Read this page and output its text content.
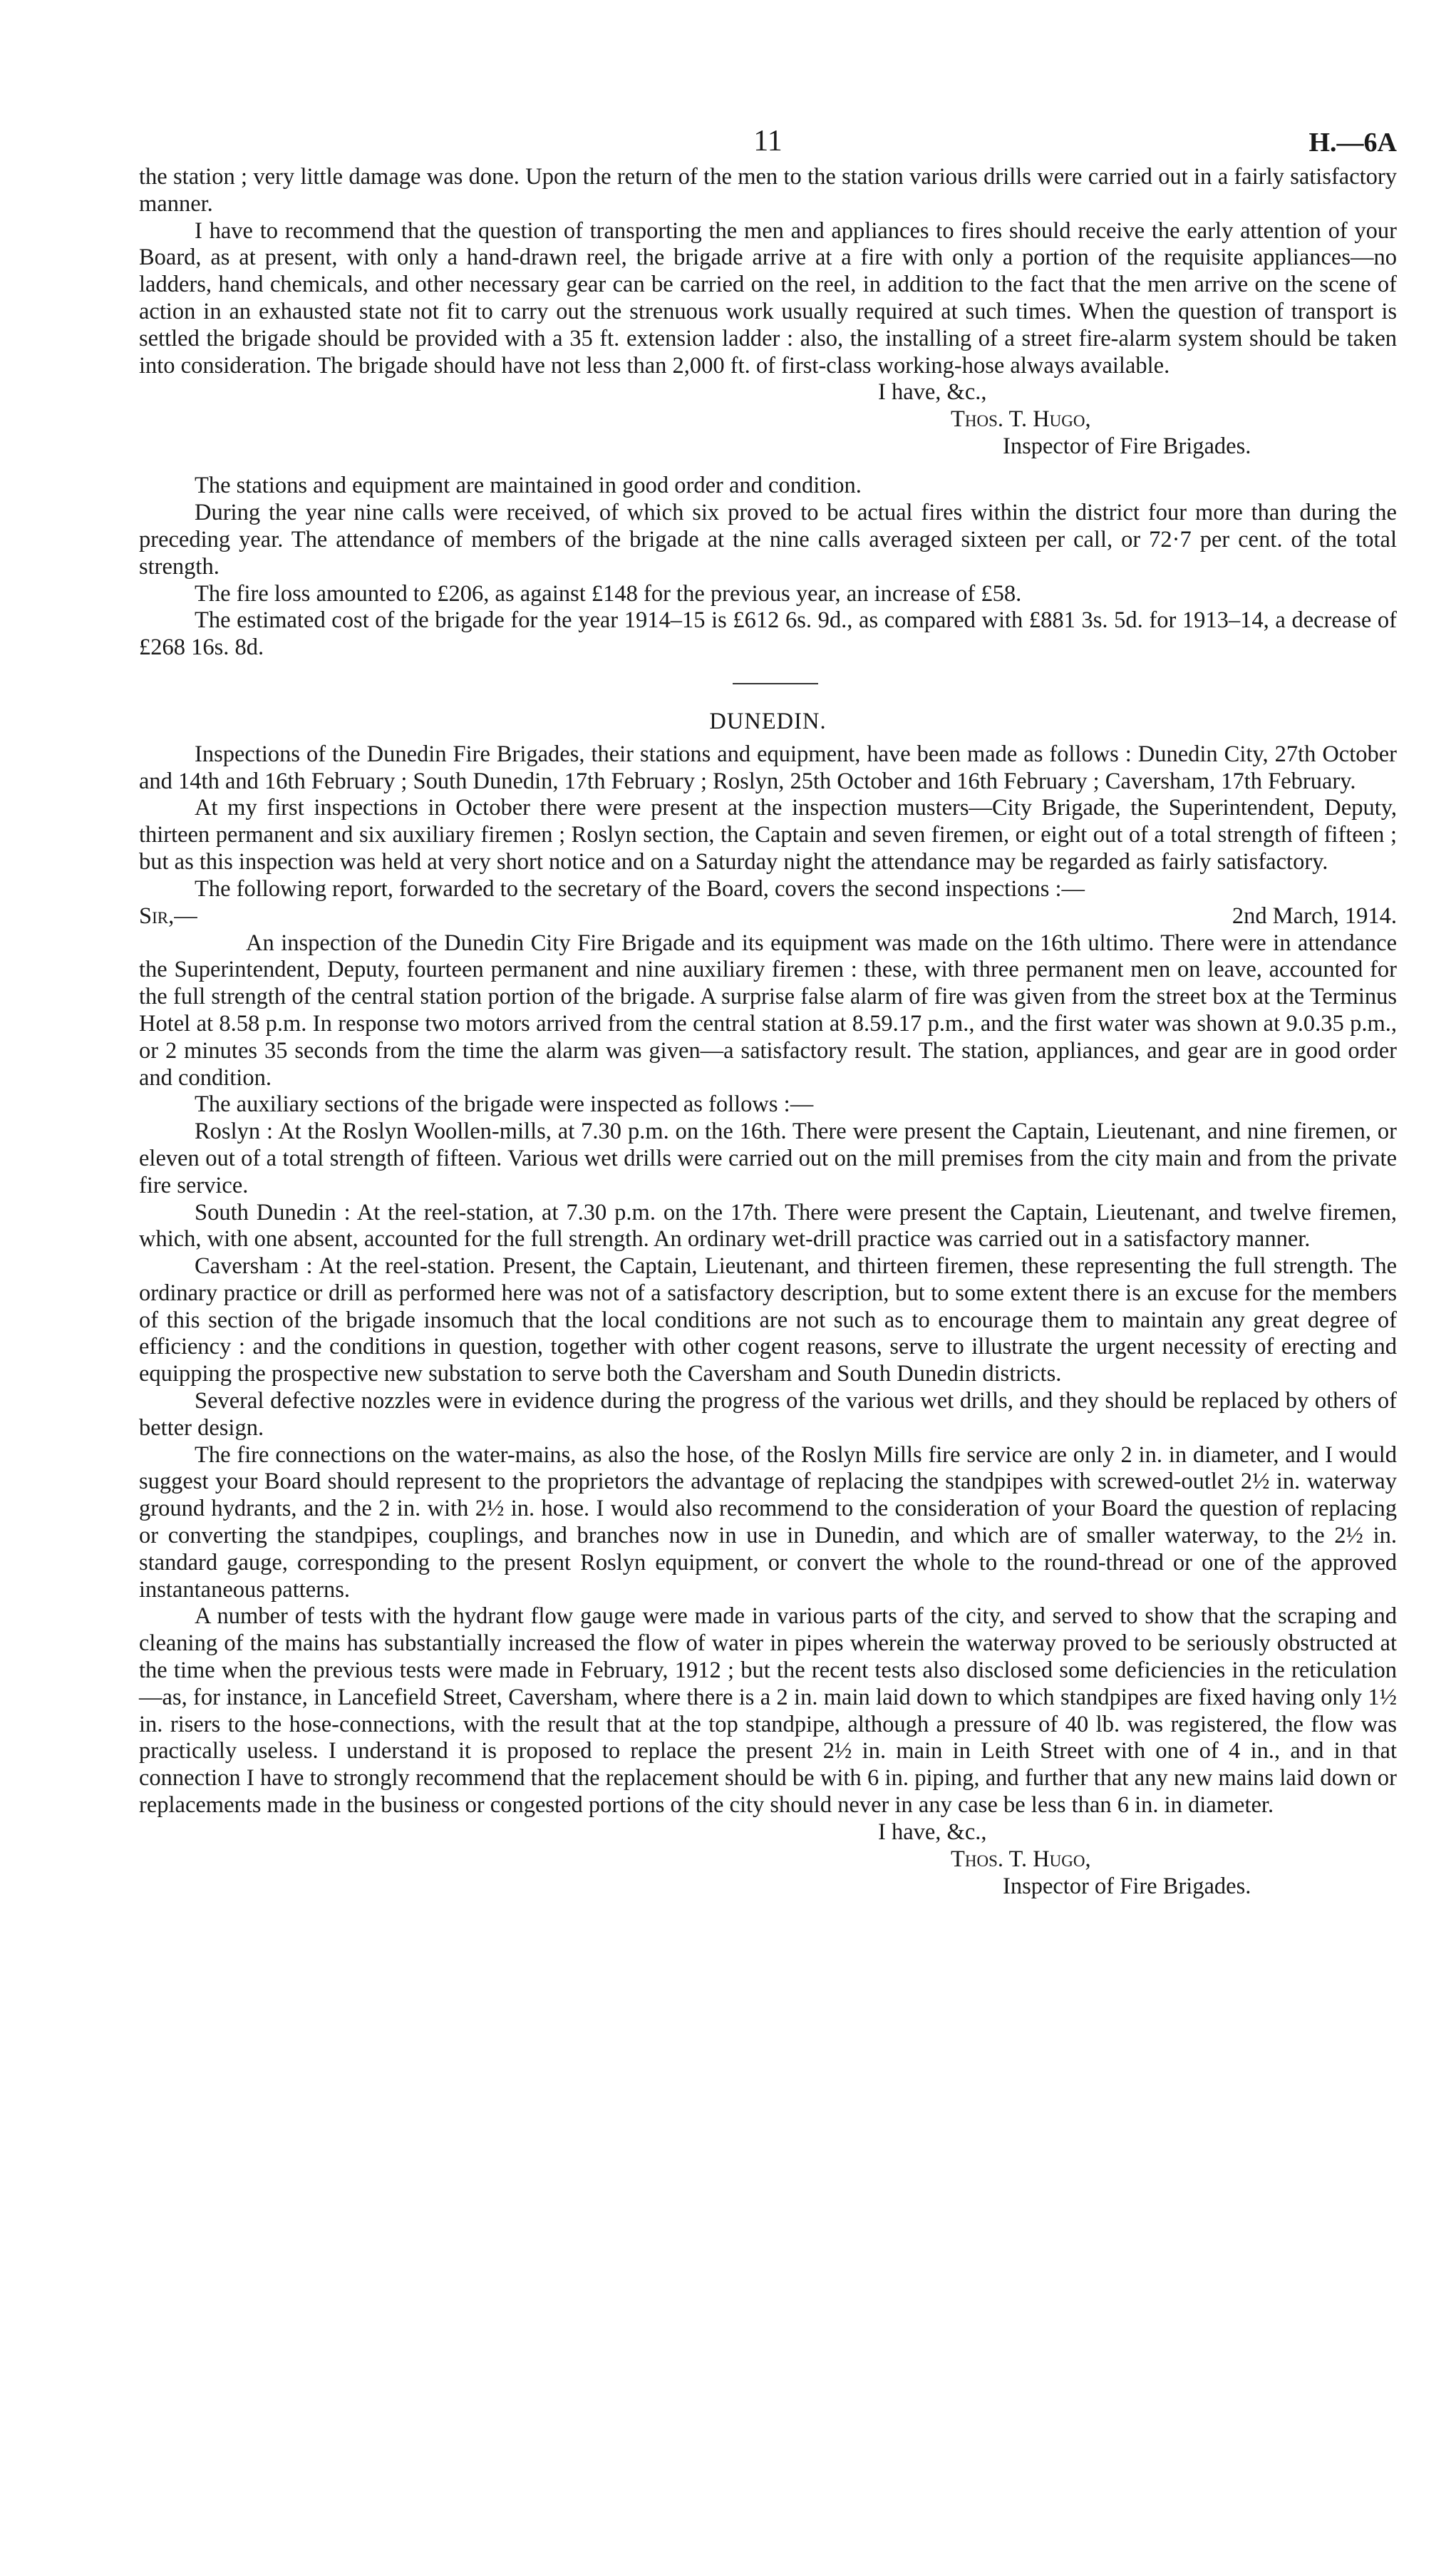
11	H.—6A

the station ; very little damage was done. Upon the return of the men to the station various drills were carried out in a fairly satisfactory manner.

I have to recommend that the question of transporting the men and appliances to fires should receive the early attention of your Board, as at present, with only a hand-drawn reel, the brigade arrive at a fire with only a portion of the requisite appliances—no ladders, hand chemicals, and other necessary gear can be carried on the reel, in addition to the fact that the men arrive on the scene of action in an exhausted state not fit to carry out the strenuous work usually required at such times. When the question of transport is settled the brigade should be provided with a 35 ft. extension ladder : also, the installing of a street fire-alarm system should be taken into consideration. The brigade should have not less than 2,000 ft. of first-class working-hose always available.

I have, &c.,
Thos. T. Hugo,
Inspector of Fire Brigades.

The stations and equipment are maintained in good order and condition.

During the year nine calls were received, of which six proved to be actual fires within the district four more than during the preceding year. The attendance of members of the brigade at the nine calls averaged sixteen per call, or 72·7 per cent. of the total strength.

The fire loss amounted to £206, as against £148 for the previous year, an increase of £58.

The estimated cost of the brigade for the year 1914–15 is £612 6s. 9d., as compared with £881 3s. 5d. for 1913–14, a decrease of £268 16s. 8d.

DUNEDIN.

Inspections of the Dunedin Fire Brigades, their stations and equipment, have been made as follows : Dunedin City, 27th October and 14th and 16th February ; South Dunedin, 17th February ; Roslyn, 25th October and 16th February ; Caversham, 17th February.

At my first inspections in October there were present at the inspection musters—City Brigade, the Superintendent, Deputy, thirteen permanent and six auxiliary firemen ; Roslyn section, the Captain and seven firemen, or eight out of a total strength of fifteen ; but as this inspection was held at very short notice and on a Saturday night the attendance may be regarded as fairly satisfactory.

The following report, forwarded to the secretary of the Board, covers the second inspections :—

Sir,—	2nd March, 1914.

An inspection of the Dunedin City Fire Brigade and its equipment was made on the 16th ultimo. There were in attendance the Superintendent, Deputy, fourteen permanent and nine auxiliary firemen : these, with three permanent men on leave, accounted for the full strength of the central station portion of the brigade. A surprise false alarm of fire was given from the street box at the Terminus Hotel at 8.58 p.m. In response two motors arrived from the central station at 8.59.17 p.m., and the first water was shown at 9.0.35 p.m., or 2 minutes 35 seconds from the time the alarm was given—a satisfactory result. The station, appliances, and gear are in good order and condition.

The auxiliary sections of the brigade were inspected as follows :—

Roslyn : At the Roslyn Woollen-mills, at 7.30 p.m. on the 16th. There were present the Captain, Lieutenant, and nine firemen, or eleven out of a total strength of fifteen. Various wet drills were carried out on the mill premises from the city main and from the private fire service.

South Dunedin : At the reel-station, at 7.30 p.m. on the 17th. There were present the Captain, Lieutenant, and twelve firemen, which, with one absent, accounted for the full strength. An ordinary wet-drill practice was carried out in a satisfactory manner.

Caversham : At the reel-station. Present, the Captain, Lieutenant, and thirteen firemen, these representing the full strength. The ordinary practice or drill as performed here was not of a satisfactory description, but to some extent there is an excuse for the members of this section of the brigade insomuch that the local conditions are not such as to encourage them to maintain any great degree of efficiency : and the conditions in question, together with other cogent reasons, serve to illustrate the urgent necessity of erecting and equipping the prospective new substation to serve both the Caversham and South Dunedin districts.

Several defective nozzles were in evidence during the progress of the various wet drills, and they should be replaced by others of better design.

The fire connections on the water-mains, as also the hose, of the Roslyn Mills fire service are only 2 in. in diameter, and I would suggest your Board should represent to the proprietors the advantage of replacing the standpipes with screwed-outlet 2½ in. waterway ground hydrants, and the 2 in. with 2½ in. hose. I would also recommend to the consideration of your Board the question of replacing or converting the standpipes, couplings, and branches now in use in Dunedin, and which are of smaller waterway, to the 2½ in. standard gauge, corresponding to the present Roslyn equipment, or convert the whole to the round-thread or one of the approved instantaneous patterns.

A number of tests with the hydrant flow gauge were made in various parts of the city, and served to show that the scraping and cleaning of the mains has substantially increased the flow of water in pipes wherein the waterway proved to be seriously obstructed at the time when the previous tests were made in February, 1912 ; but the recent tests also disclosed some deficiencies in the reticulation—as, for instance, in Lancefield Street, Caversham, where there is a 2 in. main laid down to which standpipes are fixed having only 1½ in. risers to the hose-connections, with the result that at the top standpipe, although a pressure of 40 lb. was registered, the flow was practically useless. I understand it is proposed to replace the present 2½ in. main in Leith Street with one of 4 in., and in that connection I have to strongly recommend that the replacement should be with 6 in. piping, and further that any new mains laid down or replacements made in the business or congested portions of the city should never in any case be less than 6 in. in diameter.

I have, &c.,
Thos. T. Hugo,
Inspector of Fire Brigades.
